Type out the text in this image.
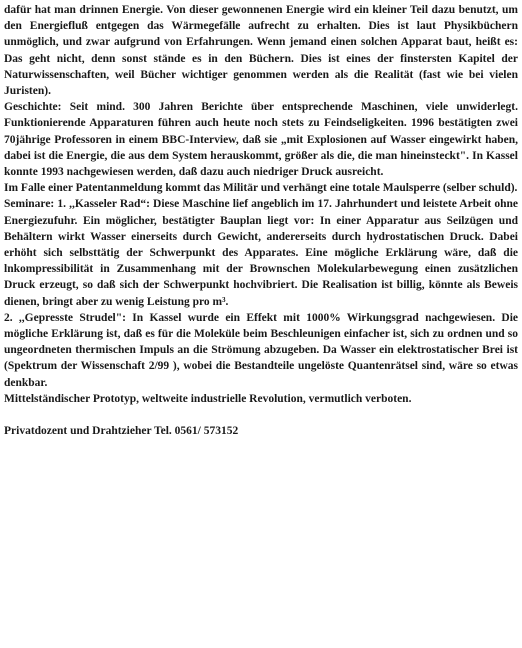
dafür hat man drinnen Energie. Von dieser gewonnenen Energie wird ein kleiner Teil dazu benutzt, um den Energiefluß entgegen das Wärmegefälle aufrecht zu erhalten. Dies ist laut Physikbüchern unmöglich, und zwar aufgrund von Erfahrungen. Wenn jemand einen solchen Apparat baut, heißt es: Das geht nicht, denn sonst stände es in den Büchern. Dies ist eines der finstersten Kapitel der Naturwissenschaften, weil Bücher wichtiger genommen werden als die Realität (fast wie bei vielen Juristen).

Geschichte: Seit mind. 300 Jahren Berichte über entsprechende Maschinen, viele unwiderlegt. Funktionierende Apparaturen führen auch heute noch stets zu Feindseligkeiten. 1996 bestätigten zwei 70jährige Professoren in einem BBC-Interview, daß sie „mit Explosionen auf Wasser eingewirkt haben, dabei ist die Energie, die aus dem System herauskommt, größer als die, die man hineinsteckt". In Kassel konnte 1993 nachgewiesen werden, daß dazu auch niedriger Druck ausreicht.

Im Falle einer Patentanmeldung kommt das Militär und verhängt eine totale Maulsperre (selber schuld).

Seminare: 1. ,,Kasseler Rad“: Diese Maschine lief angeblich im 17. Jahrhundert und leistete Arbeit ohne Energiezufuhr. Ein möglicher, bestätigter Bauplan liegt vor: In einer Apparatur aus Seilzügen und Behältern wirkt Wasser einerseits durch Gewicht, andererseits durch hydrostatischen Druck. Dabei erhöht sich selbsttätig der Schwerpunkt des Apparates. Eine mögliche Erklärung wäre, daß die lnkompressibilität in Zusammenhang mit der Brownschen Molekularbewegung einen zusätzlichen Druck erzeugt, so daß sich der Schwerpunkt hochvibriert. Die Realisation ist billig, könnte als Beweis dienen, bringt aber zu wenig Leistung pro m³.

2. ,,Gepresste Strudel": In Kassel wurde ein Effekt mit 1000% Wirkungsgrad nachgewiesen. Die mögliche Erklärung ist, daß es für die Moleküle beim Beschleunigen einfacher ist, sich zu ordnen und so ungeordneten thermischen Impuls an die Strömung abzugeben. Da Wasser ein elektrostatischer Brei ist (Spektrum der Wissenschaft 2/99 ), wobei die Bestandteile ungelöste Quantenrätsel sind, wäre so etwas denkbar.

Mittelständischer Prototyp, weltweite industrielle Revolution, vermutlich verboten.

Privatdozent und Drahtzieher Tel. 0561/ 573152
